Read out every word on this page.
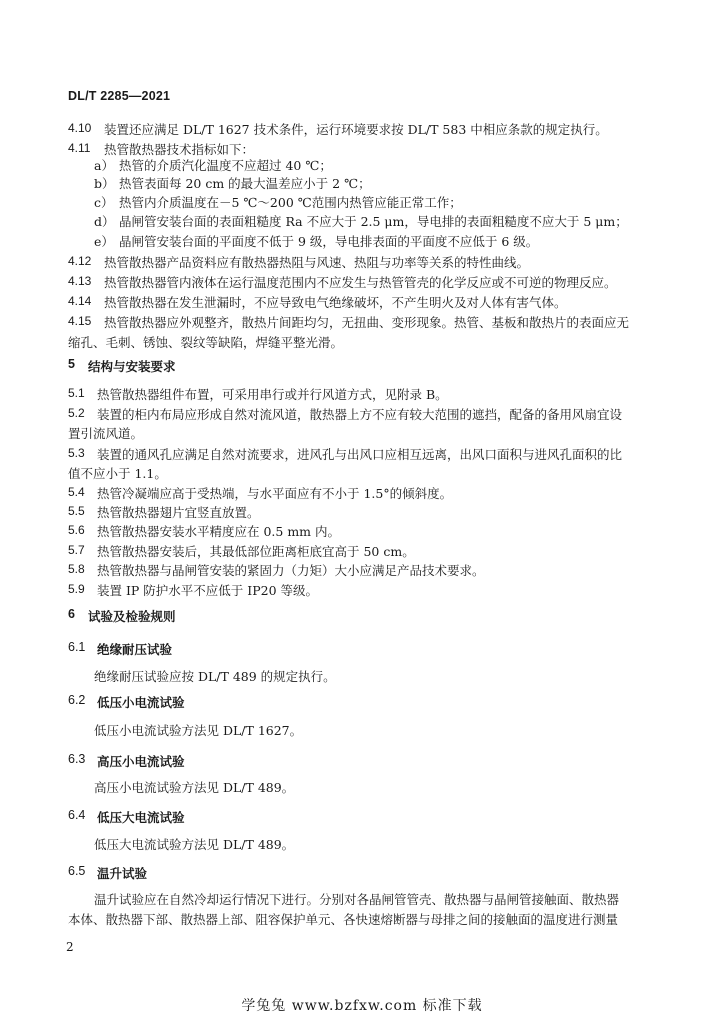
DL/T 2285—2021
4.10 装置还应满足 DL/T 1627 技术条件，运行环境要求按 DL/T 583 中相应条款的规定执行。
4.11 热管散热器技术指标如下：
a） 热管的介质汽化温度不应超过 40 ℃；
b） 热管表面每 20 cm 的最大温差应小于 2 ℃；
c） 热管内介质温度在－5 ℃～200 ℃范围内热管应能正常工作；
d） 晶闸管安装台面的表面粗糙度 Ra 不应大于 2.5 μm，导电排的表面粗糙度不应大于 5 μm；
e） 晶闸管安装台面的平面度不低于 9 级，导电排表面的平面度不应低于 6 级。
4.12 热管散热器产品资料应有散热器热阻与风速、热阻与功率等关系的特性曲线。
4.13 热管散热器管内液体在运行温度范围内不应发生与热管管壳的化学反应或不可逆的物理反应。
4.14 热管散热器在发生泄漏时，不应导致电气绝缘破坏，不产生明火及对人体有害气体。
4.15 热管散热器应外观整齐，散热片间距均匀，无扭曲、变形现象。热管、基板和散热片的表面应无
缩孔、毛刺、锈蚀、裂纹等缺陷，焊缝平整光滑。
5 结构与安装要求
5.1 热管散热器组件布置，可采用串行或并行风道方式，见附录 B。
5.2 装置的柜内布局应形成自然对流风道，散热器上方不应有较大范围的遮挡，配备的备用风扇宜设
置引流风道。
5.3 装置的通风孔应满足自然对流要求，进风孔与出风口应相互远离，出风口面积与进风孔面积的比
值不应小于 1.1。
5.4 热管冷凝端应高于受热端，与水平面应有不小于 1.5°的倾斜度。
5.5 热管散热器翅片宜竖直放置。
5.6 热管散热器安装水平精度应在 0.5 mm 内。
5.7 热管散热器安装后，其最低部位距离柜底宜高于 50 cm。
5.8 热管散热器与晶闸管安装的紧固力（力矩）大小应满足产品技术要求。
5.9 装置 IP 防护水平不应低于 IP20 等级。
6 试验及检验规则
6.1 绝缘耐压试验
绝缘耐压试验应按 DL/T 489 的规定执行。
6.2 低压小电流试验
低压小电流试验方法见 DL/T 1627。
6.3 高压小电流试验
高压小电流试验方法见 DL/T 489。
6.4 低压大电流试验
低压大电流试验方法见 DL/T 489。
6.5 温升试验
温升试验应在自然冷却运行情况下进行。分别对各晶闸管管壳、散热器与晶闸管接触面、散热器
本体、散热器下部、散热器上部、阻容保护单元、各快速熔断器与母排之间的接触面的温度进行测量
2
学兔兔 www.bzfxw.com 标准下载
